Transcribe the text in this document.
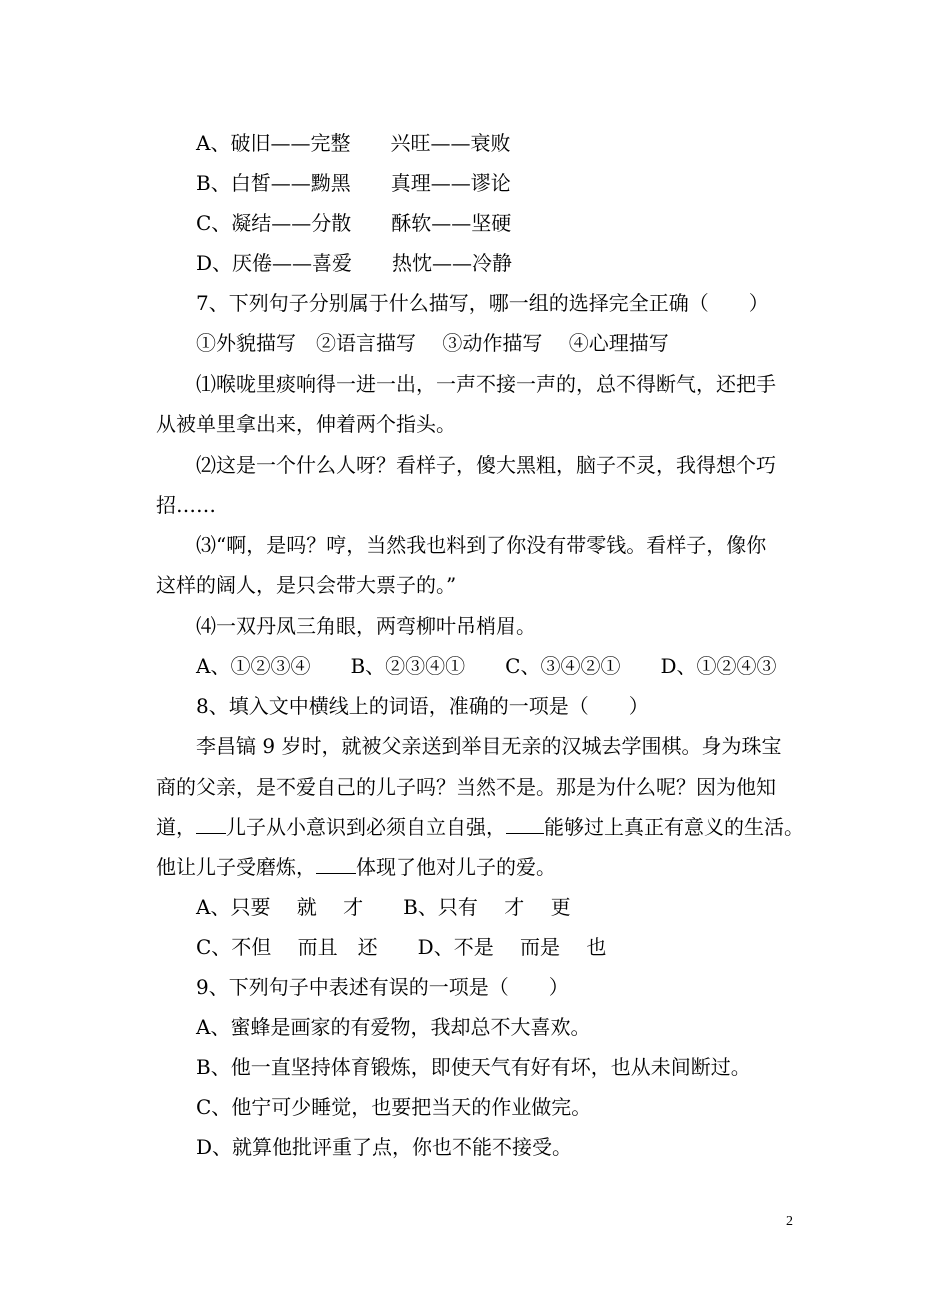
A、破旧——完整　　兴旺——衰败
B、白皙——黝黑　　真理——谬论
C、凝结——分散　　酥软——坚硬
D、厌倦——喜爱　　热忱——冷静
7、下列句子分别属于什么描写，哪一组的选择完全正确（　　）
①外貌描写　②语言描写　 ③动作描写　 ④心理描写
⑴喉咙里痰响得一进一出，一声不接一声的，总不得断气，还把手
从被单里拿出来，伸着两个指头。
⑵这是一个什么人呀？看样子，傻大黑粗，脑子不灵，我得想个巧
招……
⑶“啊，是吗？哼，当然我也料到了你没有带零钱。看样子，像你
这样的阔人，是只会带大票子的。”
⑷一双丹凤三角眼，两弯柳叶吊梢眉。
A、①②③④　　B、②③④①　　C、③④②①　　D、①②④③
8、填入文中横线上的词语，准确的一项是（　　）
李昌镐 9 岁时，就被父亲送到举目无亲的汉城去学围棋。身为珠宝
商的父亲，是不爱自己的儿子吗？当然不是。那是为什么呢？因为他知
道， 儿子从小意识到必须自立自强， 能够过上真正有意义的生活。
他让儿子受磨炼， 体现了他对儿子的爱。
A、只要　 就　 才　　B、只有　 才　 更
C、不但　 而且　还　　D、不是　 而是　 也
9、下列句子中表述有误的一项是（　　）
A、蜜蜂是画家的有爱物，我却总不大喜欢。
B、他一直坚持体育锻炼，即使天气有好有坏，也从未间断过。
C、他宁可少睡觉，也要把当天的作业做完。
D、就算他批评重了点，你也不能不接受。
2
